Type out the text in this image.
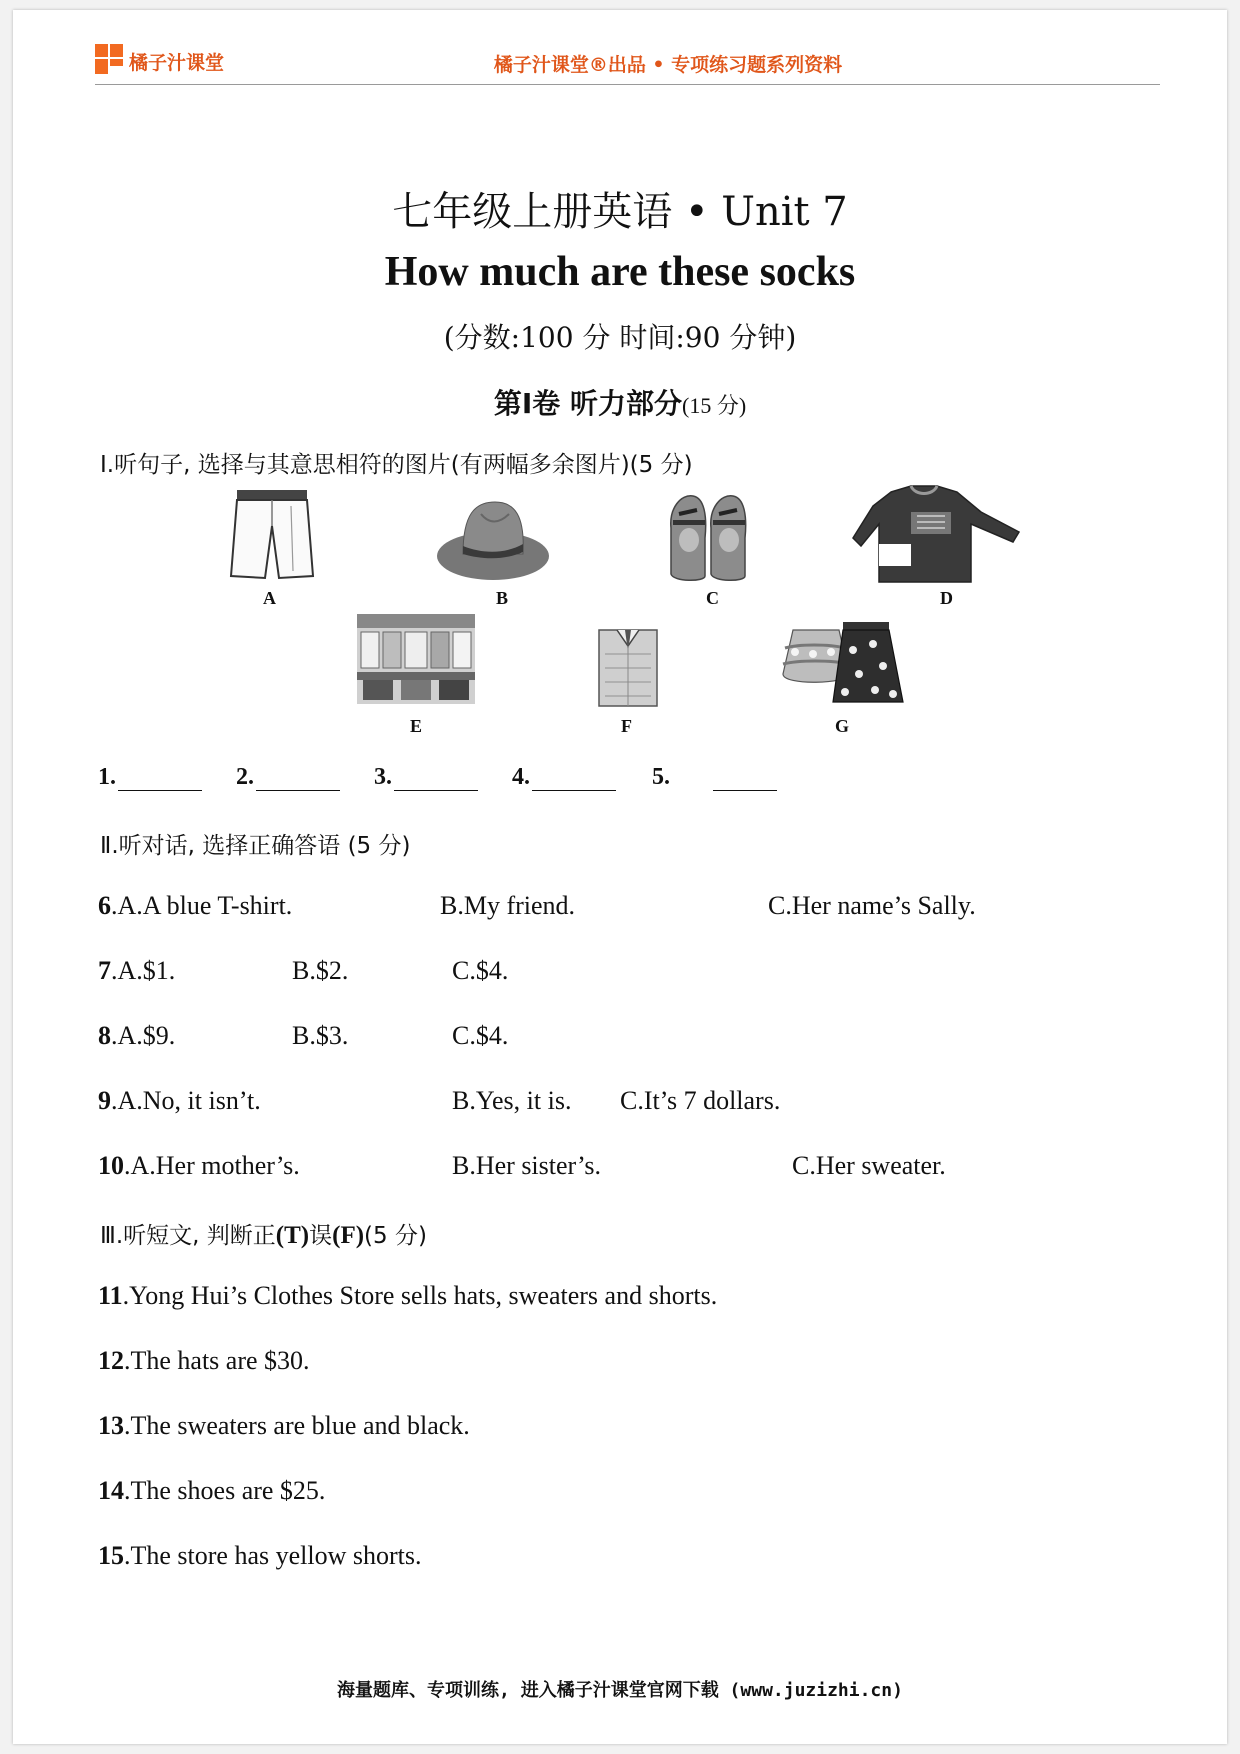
橘子汁课堂	橘子汁课堂®出品 • 专项练习题系列资料
七年级上册英语 • Unit 7
How much are these socks
(分数:100 分 时间:90 分钟)
第Ⅰ卷 听力部分(15 分)
Ⅰ.听句子, 选择与其意思相符的图片(有两幅多余图片)(5 分)
A	B	C	D
E	F	G
1.	2.	3.	4.	5.
Ⅱ.听对话, 选择正确答语 (5 分)
6.A.A blue T-shirt.	B.My friend.	C.Her name’s Sally.
7.A.$1.	B.$2.	C.$4.
8.A.$9.	B.$3.	C.$4.
9.A.No, it isn’t.	B.Yes, it is. C.It’s 7 dollars.
10.A.Her mother’s.	B.Her sister’s.	C.Her sweater.
Ⅲ.听短文, 判断正(T)误(F)(5 分)
11.Yong Hui’s Clothes Store sells hats, sweaters and shorts.
12.The hats are $30.
13.The sweaters are blue and black.
14.The shoes are $25.
15.The store has yellow shorts.
海量题库、专项训练, 进入橘子汁课堂官网下载 (www.juzizhi.cn)
